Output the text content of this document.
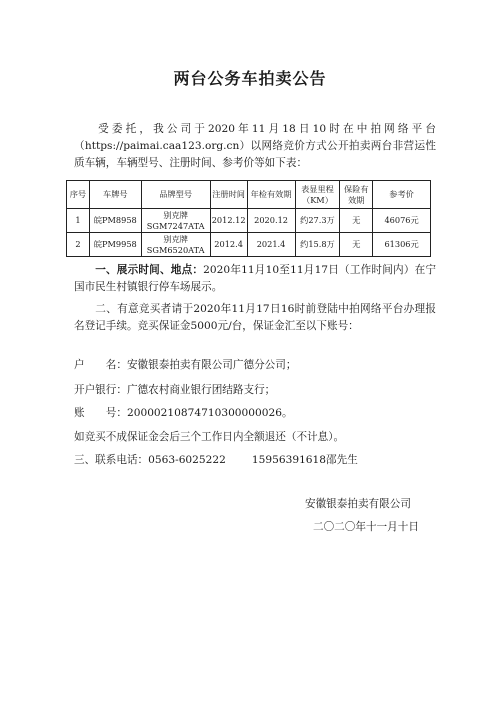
两台公务车拍卖公告
受委托，我公司于2020年11月18日10时在中拍网络平台（https://paimai.caa123.org.cn）以网络竞价方式公开拍卖两台非营运性质车辆，车辆型号、注册时间、参考价等如下表：
序号	车牌号	品牌型号	注册时间	年检有效期	表显里程（KM）	保险有效期	参考价
1	皖PM8958	别克牌 SGM7247ATA	2012.12	2020.12	约27.3万	无	46076元
2	皖PM9958	别克牌 SGM6520ATA	2012.4	2021.4	约15.8万	无	61306元
一、展示时间、地点：2020年11月10至11月17日（工作时间内）在宁国市民生村镇银行停车场展示。
二、有意竞买者请于2020年11月17日16时前登陆中拍网络平台办理报名登记手续。竞买保证金5000元/台，保证金汇至以下账号：
户　　名：安徽银泰拍卖有限公司广德分公司；
开户银行：广德农村商业银行团结路支行；
账　　号：20000210874710300000026。
如竞买不成保证金会后三个工作日内全额退还（不计息）。
三、联系电话：0563-6025222 15956391618邵先生
安徽银泰拍卖有限公司
二〇二〇年十一月十日
